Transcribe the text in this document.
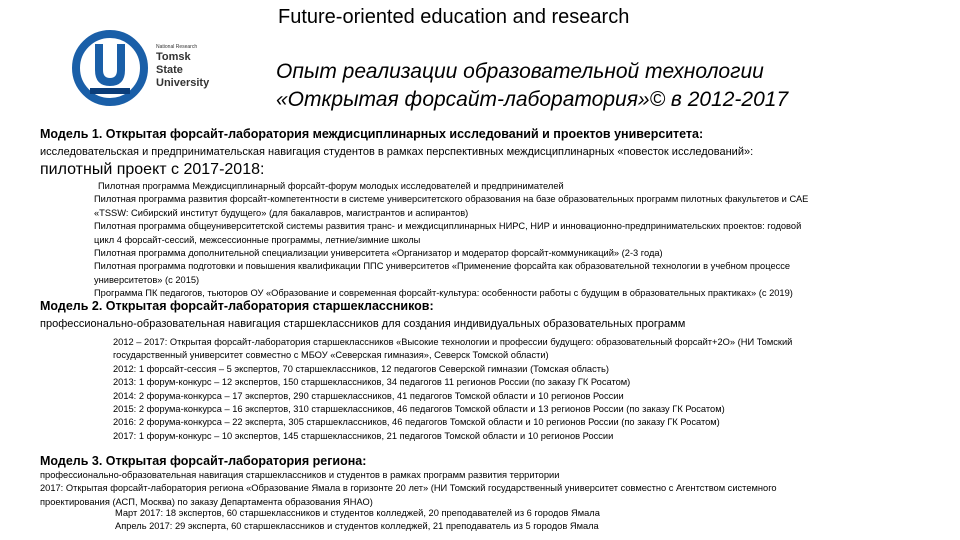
Future-oriented education and research
National Research
Tomsk
State
University	Опыт реализации образовательной технологии
«Открытая форсайт-лаборатория»© в 2012-2017
Модель 1. Открытая форсайт-лаборатория междисциплинарных исследований и проектов университета:
исследовательская и предпринимательская навигация студентов в рамках перспективных междисциплинарных «повесток исследований»:
пилотный проект с 2017-2018:
Пилотная программа Междисциплинарный форсайт-форум молодых исследователей и предпринимателей
Пилотная программа развития форсайт-компетентности в системе университетского образования на базе образовательных программ пилотных факультетов и САЕ
«TSSW: Сибирский институт будущего» (для бакалавров, магистрантов и аспирантов)
Пилотная программа общеуниверситетской системы развития транс- и междисциплинарных НИРС, НИР и инновационно-предпринимательских проектов: годовой
цикл 4 форсайт-сессий, межсессионные программы, летние/зимние школы
Пилотная программа дополнительной специализации университета «Организатор и модератор форсайт-коммуникаций» (2-3 года)
Пилотная программа подготовки и повышения квалификации ППС университетов «Применение форсайта как образовательной технологии в учебном процессе
университетов» (с 2015)
Программа ПК педагогов, тьюторов ОУ «Образование и современная форсайт-культура: особенности работы с будущим в образовательных практиках» (с 2019)
Модель 2. Открытая форсайт-лаборатория старшеклассников:
профессионально-образовательная навигация старшеклассников для создания индивидуальных образовательных программ
2012 – 2017: Открытая форсайт-лаборатория старшеклассников «Высокие технологии и профессии будущего: образовательный форсайт+2О» (НИ Томский
государственный университет совместно с МБОУ «Северская гимназия», Северск Томской области)
2012: 1 форсайт-сессия – 5 экспертов, 70 старшеклассников, 12 педагогов Северской гимназии (Томская область)
2013: 1 форум-конкурс – 12 экспертов, 150 старшеклассников, 34 педагогов 11 регионов России (по заказу ГК Росатом)
2014: 2 форума-конкурса – 17 экспертов, 290 старшеклассников, 41 педагогов Томской области и 10 регионов России
2015: 2 форума-конкурса – 16 экспертов, 310 старшеклассников, 46 педагогов Томской области и 13 регионов России (по заказу ГК Росатом)
2016: 2 форума-конкурса – 22 эксперта, 305 старшеклассников, 46 педагогов Томской области и 10 регионов России (по заказу ГК Росатом)
2017: 1 форум-конкурс – 10 экспертов, 145 старшеклассников, 21 педагогов Томской области и 10 регионов России
Модель 3. Открытая форсайт-лаборатория региона:
профессионально-образовательная навигация старшеклассников и студентов в рамках программ развития территории
2017: Открытая форсайт-лаборатория региона «Образование Ямала в горизонте 20 лет» (НИ Томский государственный университет совместно с Агентством системного
проектирования (АСП, Москва) по заказу Департамента образования ЯНАО)
Март 2017: 18 экспертов, 60 старшеклассников и студентов колледжей, 20 преподавателей из 6 городов Ямала
Апрель 2017: 29 эксперта, 60 старшеклассников и студентов колледжей, 21 преподаватель из 5 городов Ямала
